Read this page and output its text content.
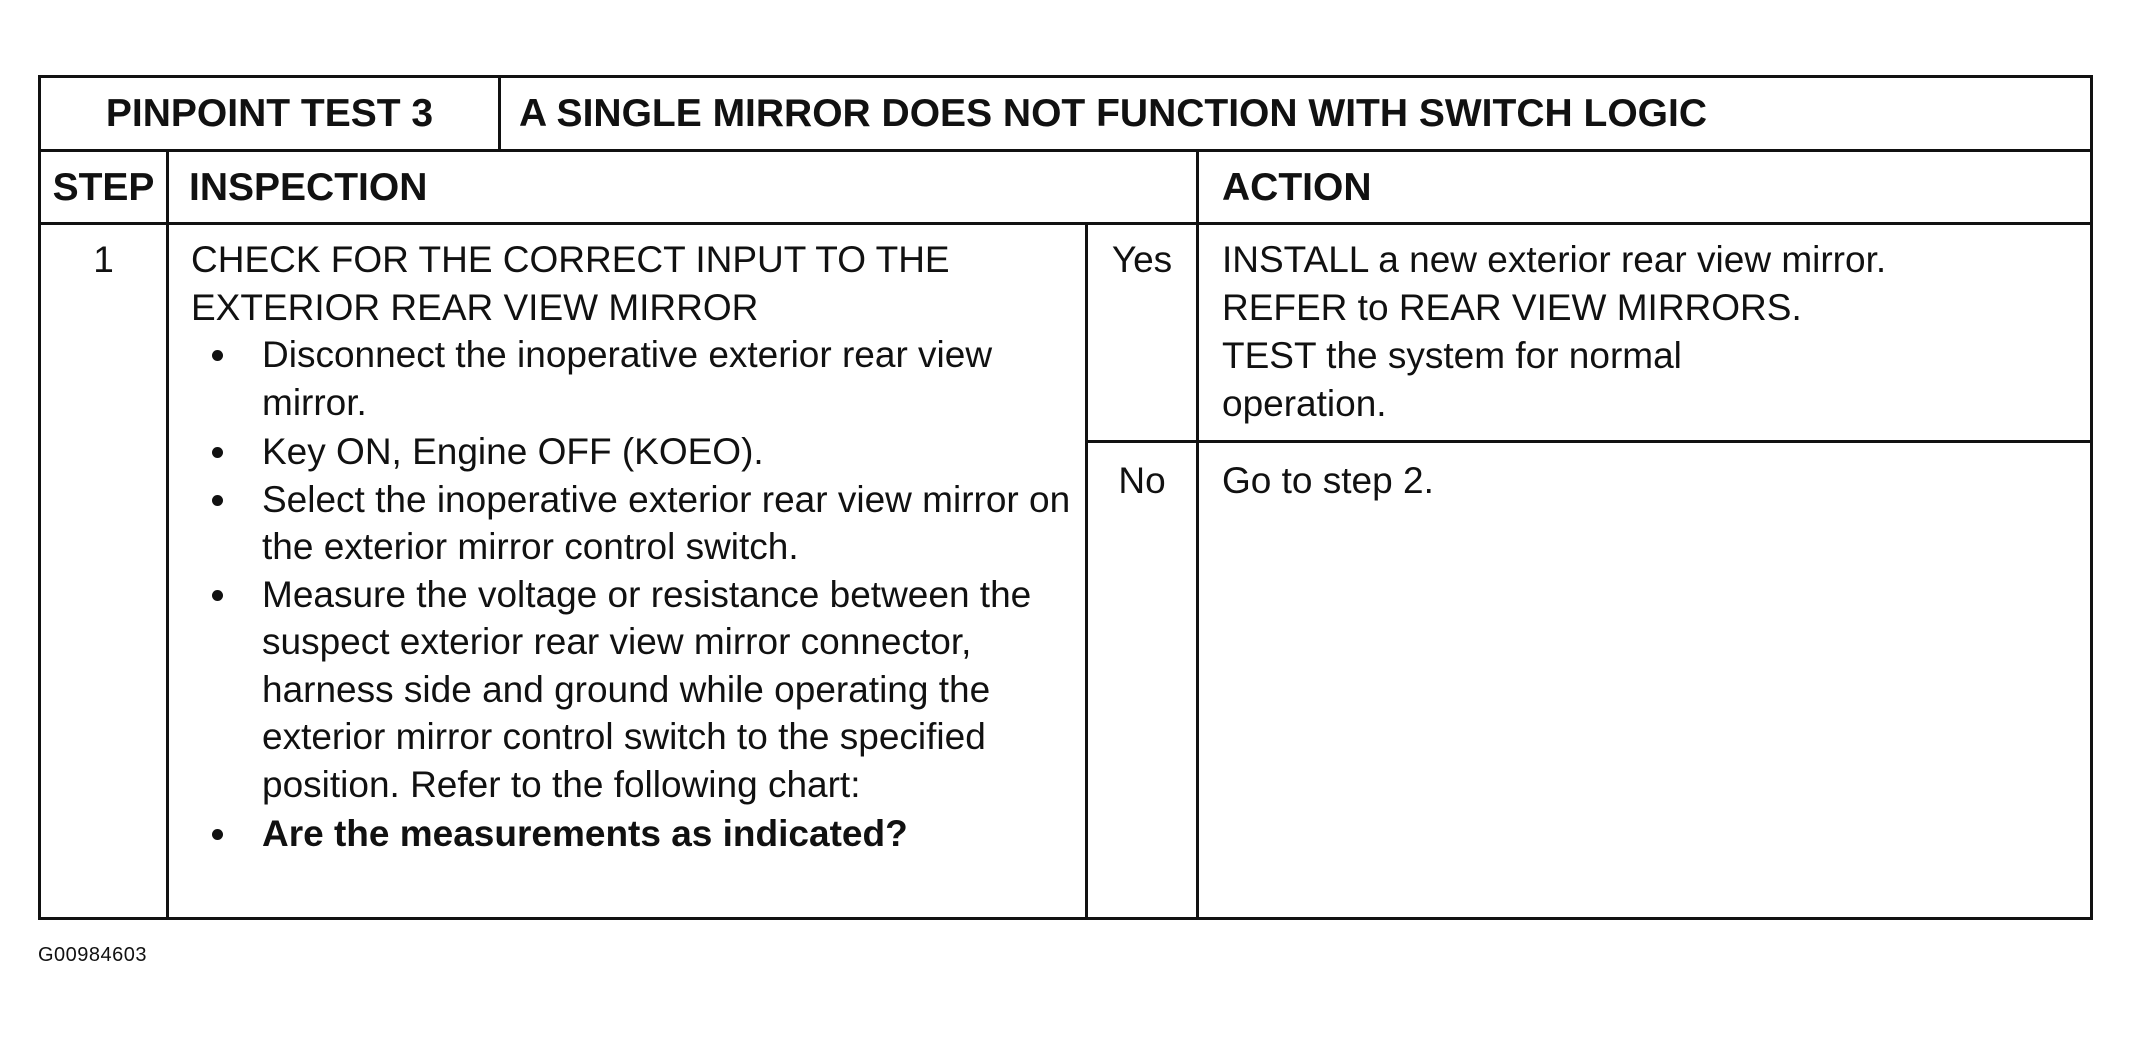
PINPOINT TEST 3	A SINGLE MIRROR DOES NOT FUNCTION WITH SWITCH LOGIC
STEP INSPECTION	ACTION
1	CHECK FOR THE CORRECT INPUT TO THE
EXTERIOR REAR VIEW MIRROR
Disconnect the inoperative exterior rear view mirror.
Key ON, Engine OFF (KOEO).
Select the inoperative exterior rear view mirror on the exterior mirror control switch.
Measure the voltage or resistance between the suspect exterior rear view mirror connector, harness side and ground while operating the exterior mirror control switch to the specified position. Refer to the following chart:
Are the measurements as indicated?
Yes	INSTALL a new exterior rear view mirror.
REFER to REAR VIEW MIRRORS.
TEST the system for normal
operation.
No	Go to step 2.
G00984603
